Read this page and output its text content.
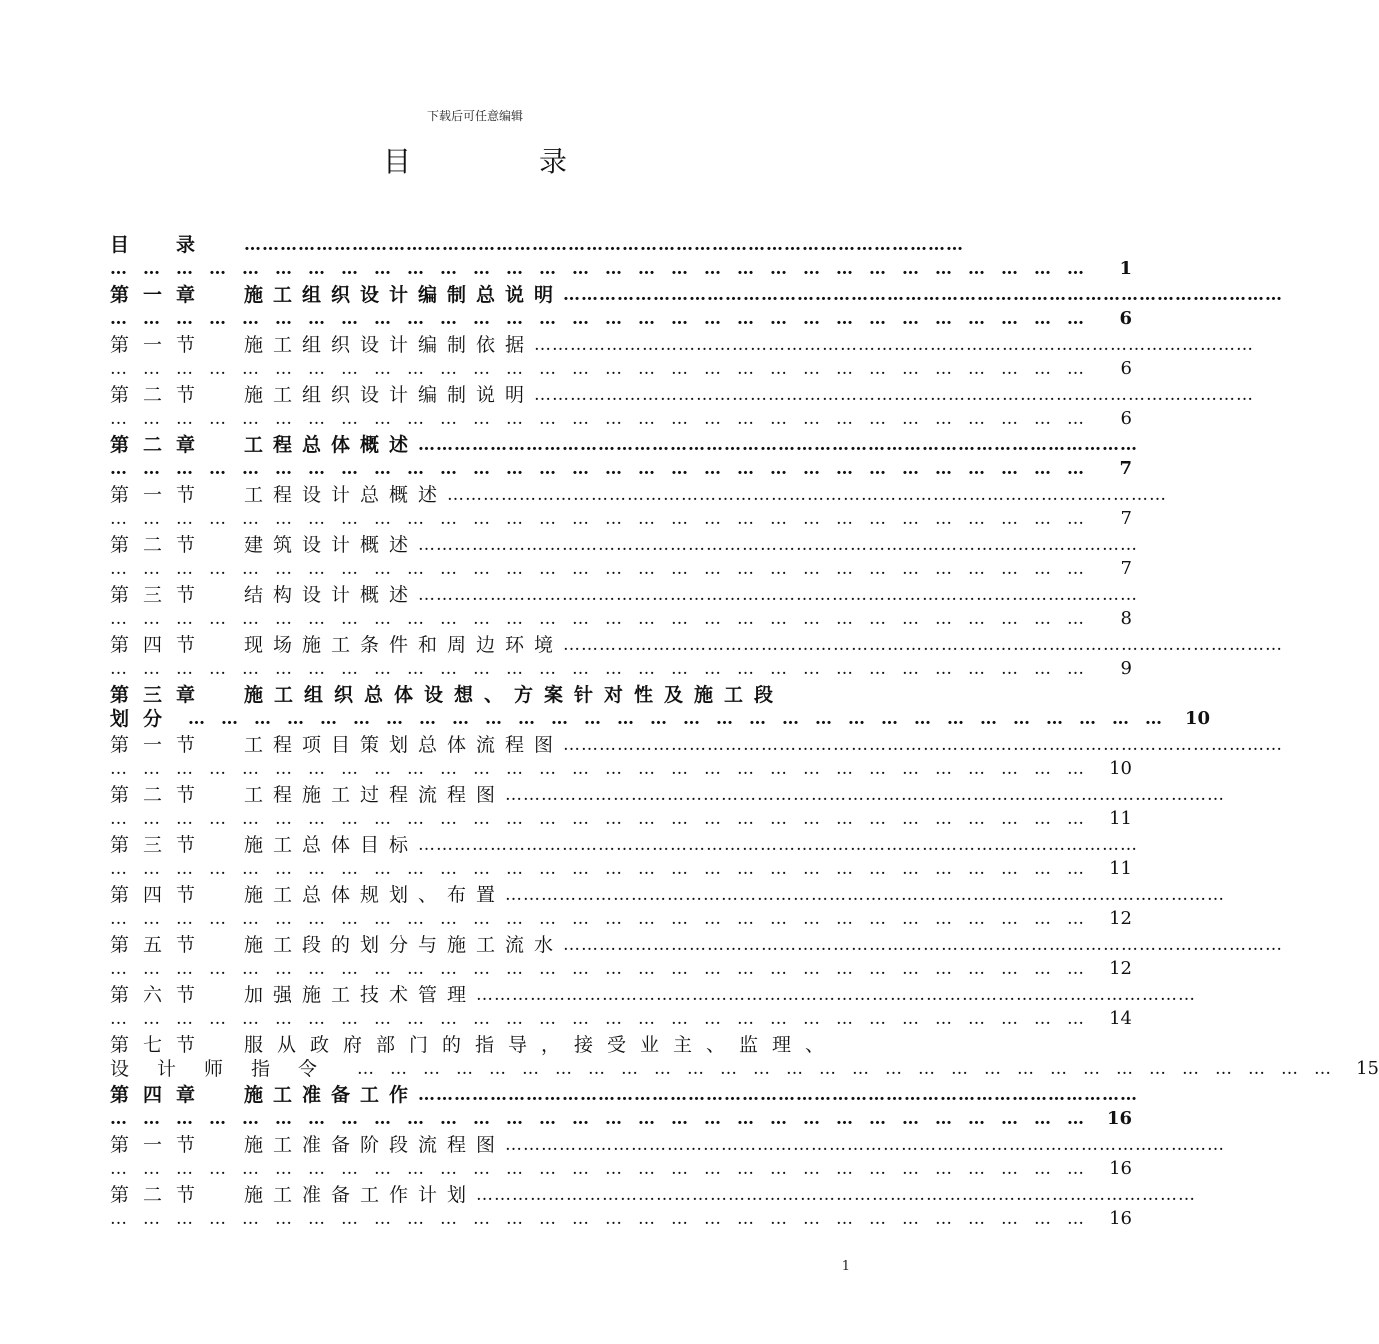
下载后可任意编辑
目　录
目　录	…………………………………………………………………………………………………………
………………………………………………………………………………	1
第一章	施工组织设计编制总说明 …………………………………………………………………………………………………………
………………………………………………………………………………	6
第一节	施工组织设计编制依据 …………………………………………………………………………………………………………
………………………………………………………………………………	6
第二节	施工组织设计编制说明 …………………………………………………………………………………………………………
………………………………………………………………………………	6
第二章	工程总体概述 …………………………………………………………………………………………………………
………………………………………………………………………………	7
第一节	工程设计总概述 …………………………………………………………………………………………………………
………………………………………………………………………………	7
第二节	建筑设计概述 …………………………………………………………………………………………………………
………………………………………………………………………………	7
第三节	结构设计概述 …………………………………………………………………………………………………………
………………………………………………………………………………	8
第四节	现场施工条件和周边环境 …………………………………………………………………………………………………………
………………………………………………………………………………	9
第三章	施工组织总体设想、方案针对性及施工段
划分 ……………………………………………………………………………… 10
第一节	工程项目策划总体流程图 …………………………………………………………………………………………………………
……………………………………………………………………………… 10
第二节	工程施工过程流程图 …………………………………………………………………………………………………………
……………………………………………………………………………… 11
第三节	施工总体目标 …………………………………………………………………………………………………………
……………………………………………………………………………… 11
第四节	施工总体规划、布置 …………………………………………………………………………………………………………
……………………………………………………………………………… 12
第五节	施工段的划分与施工流水 …………………………………………………………………………………………………………
……………………………………………………………………………… 12
第六节	加强施工技术管理 …………………………………………………………………………………………………………
……………………………………………………………………………… 14
第七节	服从政府部门的指导，接受业主、监理、
设计师指令 ……………………………………………………………………………… 15
第四章	施工准备工作 …………………………………………………………………………………………………………
……………………………………………………………………………… 16
第一节	施工准备阶段流程图 …………………………………………………………………………………………………………
……………………………………………………………………………… 16
第二节	施工准备工作计划 …………………………………………………………………………………………………………
……………………………………………………………………………… 16
1
